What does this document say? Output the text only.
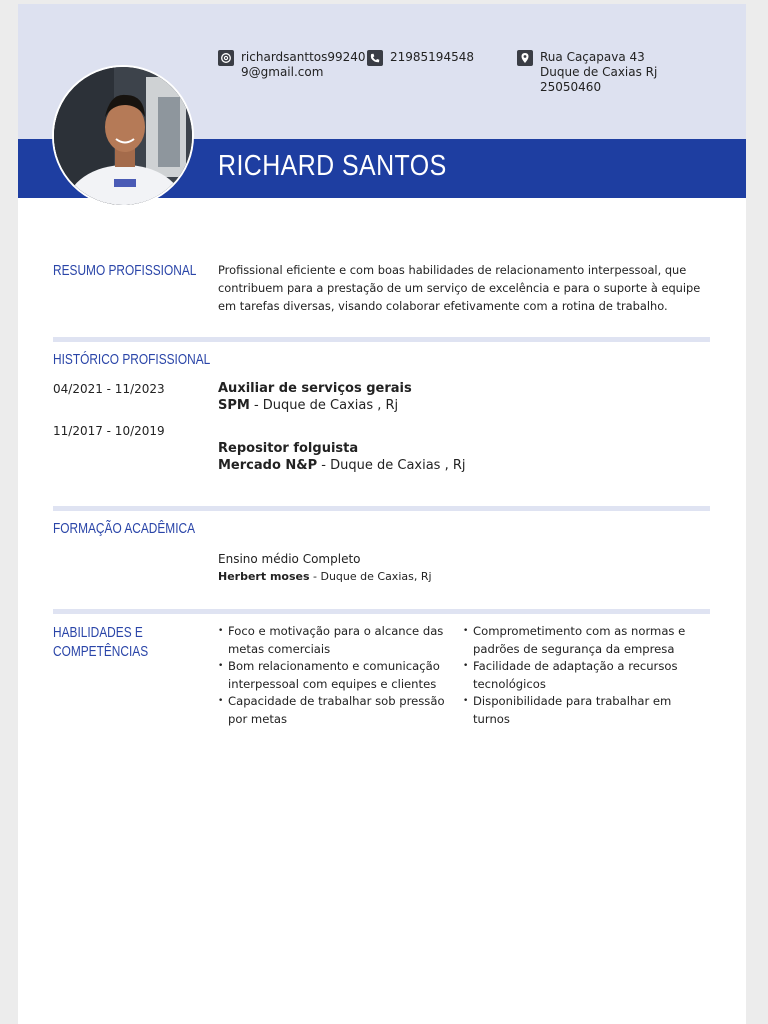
richardsanttos992409@gmail.com
21985194548	Rua Caçapava 43
Duque de Caxias Rj
25050460
RICHARD SANTOS
RESUMO PROFISSIONAL Profissional eficiente e com boas habilidades de relacionamento interpessoal, que contribuem para a prestação de um serviço de excelência e para o suporte à equipe em tarefas diversas, visando colaborar efetivamente com a rotina de trabalho.
HISTÓRICO PROFISSIONAL
04/2021 - 11/2023	Auxiliar de serviços gerais
SPM - Duque de Caxias , Rj
11/2017 - 10/2019
Repositor folguista
Mercado N&P - Duque de Caxias , Rj
FORMAÇÃO ACADÊMICA
Ensino médio Completo
Herbert moses - Duque de Caxias, Rj
HABILIDADES E
COMPETÊNCIAS
• Foco e motivação para o alcance das metas comerciais
• Bom relacionamento e comunicação interpessoal com equipes e clientes
• Capacidade de trabalhar sob pressão por metas
• Comprometimento com as normas e padrões de segurança da empresa
• Facilidade de adaptação a recursos tecnológicos
• Disponibilidade para trabalhar em turnos
